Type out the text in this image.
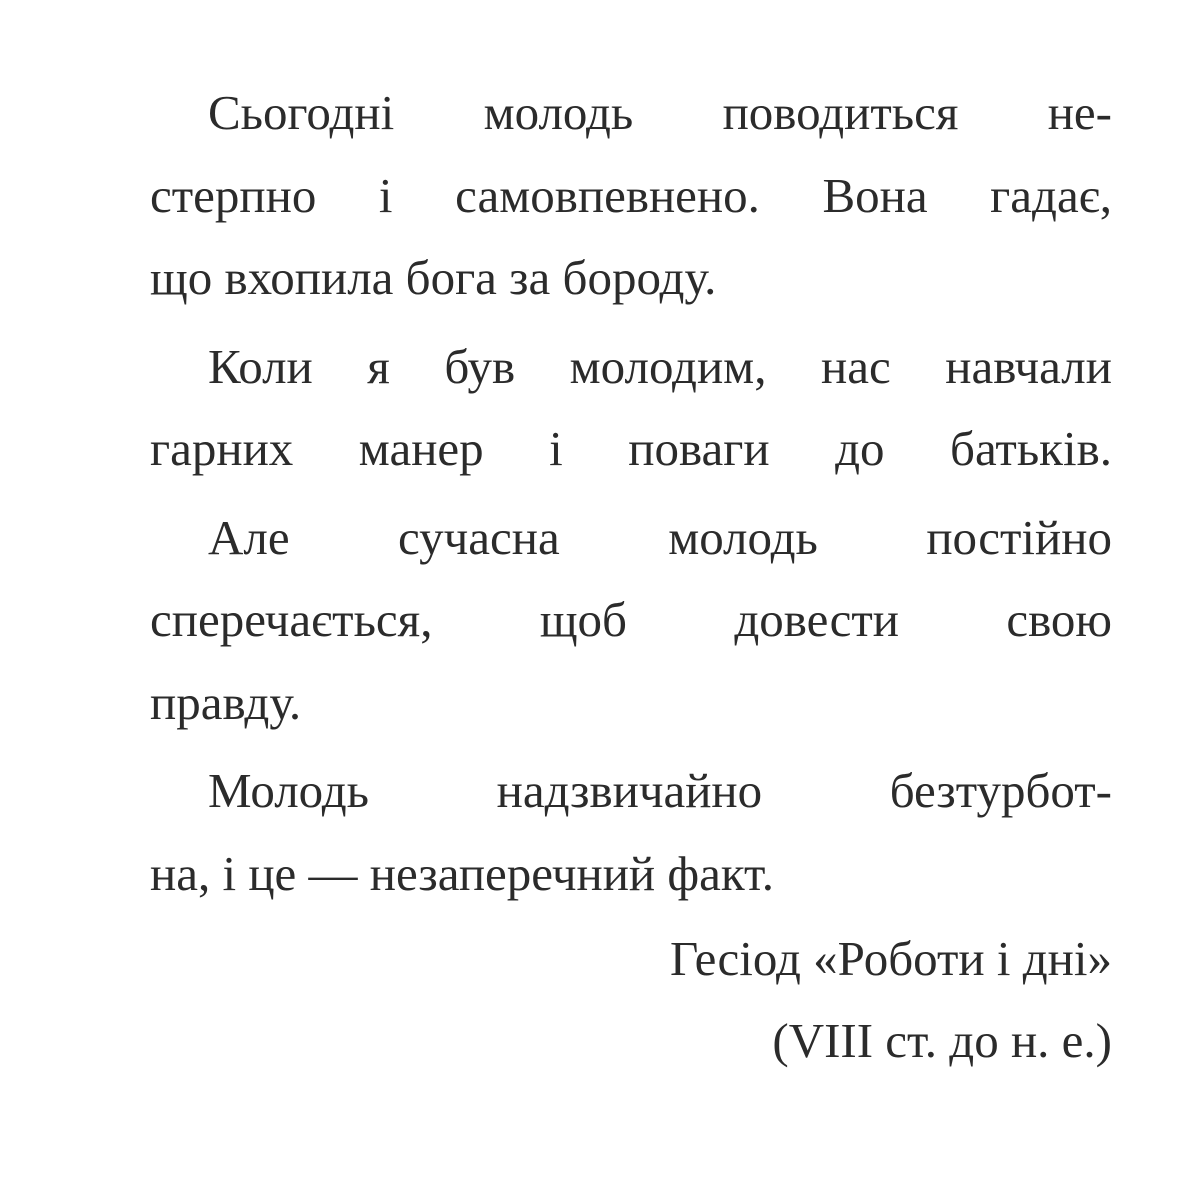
Сьогодні молодь поводиться не-
стерпно і самовпевнено. Вона гадає,
що вхопила бога за бороду.

Коли я був молодим, нас навчали
гарних манер і поваги до батьків.

Але сучасна молодь постійно
сперечається, щоб довести свою
правду.

Молодь надзвичайно безтурбот-
на, і це — незаперечний факт.

Гесіод «Роботи і дні»
(VIII ст. до н. е.)
